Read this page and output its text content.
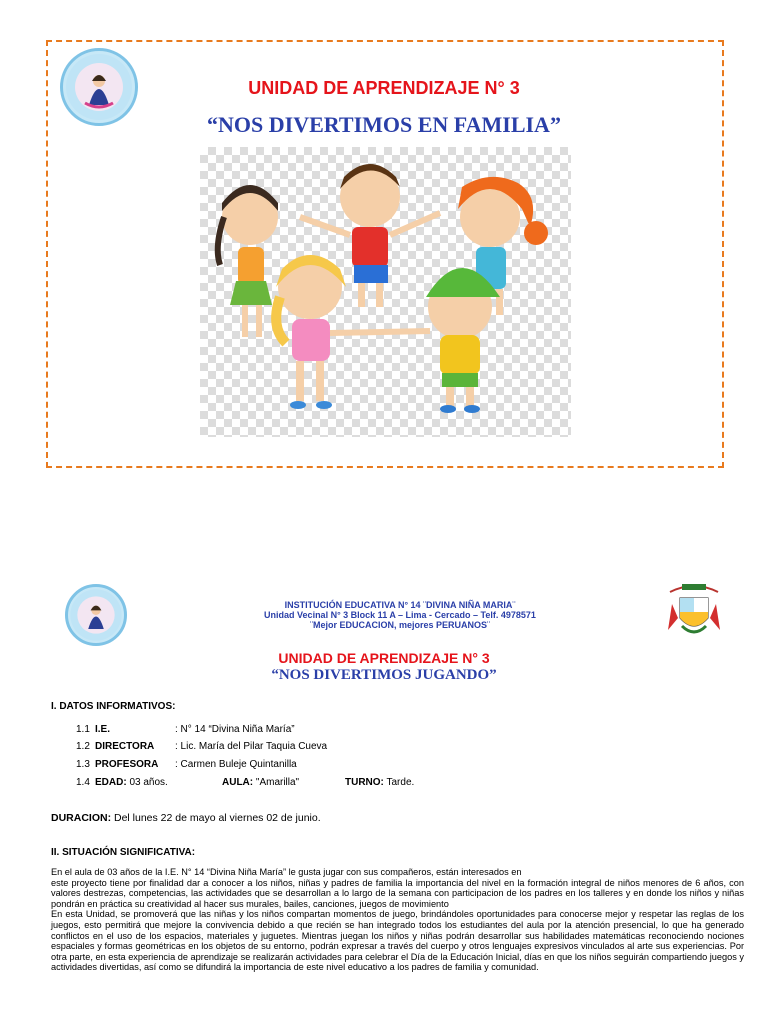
UNIDAD DE APRENDIZAJE N° 3
“NOS DIVERTIMOS EN FAMILIA”
INSTITUCIÓN EDUCATIVA N° 14 ¨DIVINA NIÑA MARIA¨
Unidad Vecinal N° 3 Block 11 A – Lima - Cercado – Telf. 4978571
¨Mejor EDUCACION, mejores PERUANOS¨
UNIDAD DE APRENDIZAJE N° 3
“NOS DIVERTIMOS JUGANDO”
I. DATOS INFORMATIVOS:
1.1 I.E.	: N° 14 “Divina Niña María”
1.2 DIRECTORA : Lic. María del Pilar Taquia Cueva
1.3 PROFESORA : Carmen Buleje Quintanilla
1.4 EDAD: 03 años.	AULA: "Amarilla"	TURNO: Tarde.
DURACION: Del lunes 22 de mayo al viernes 02 de junio.
II. SITUACIÓN SIGNIFICATIVA:

En el aula de 03 años de la I.E. N° 14 “Divina Niña María” le gusta jugar con sus compañeros, están interesados en

este proyecto tiene por finalidad dar a conocer a los niños, niñas y padres de familia la importancia del nivel en la formación integral de niños menores de 6 años, con valores destrezas, competencias, las actividades que se desarrollan a lo largo de la semana con participacion de los padres en los talleres y en donde los niños y niñas pondrán en práctica su creatividad al hacer sus murales, bailes, canciones, juegos de movimiento

En esta Unidad, se promoverá que las niñas y los niños compartan momentos de juego, brindándoles oportunidades para conocerse mejor y respetar las reglas de los juegos, esto permitirá que mejore la convivencia debido a que recién se han integrado todos los estudiantes del aula por la atención presencial, lo que ha generado conflictos en el uso de los espacios, materiales y juguetes. Mientras juegan los niños y niñas podrán desarrollar sus habilidades matemáticas reconociendo nociones espaciales y formas geométricas en los objetos de su entorno, podrán expresar a través del cuerpo y otros lenguajes expresivos vinculados al arte sus experiencias. Por otra parte, en esta experiencia de aprendizaje se realizarán actividades para celebrar el Día de la Educación Inicial, días en que los niños seguirán compartiendo juegos y actividades divertidas, así como se difundirá la importancia de este nivel educativo a los padres de familia y comunidad.
